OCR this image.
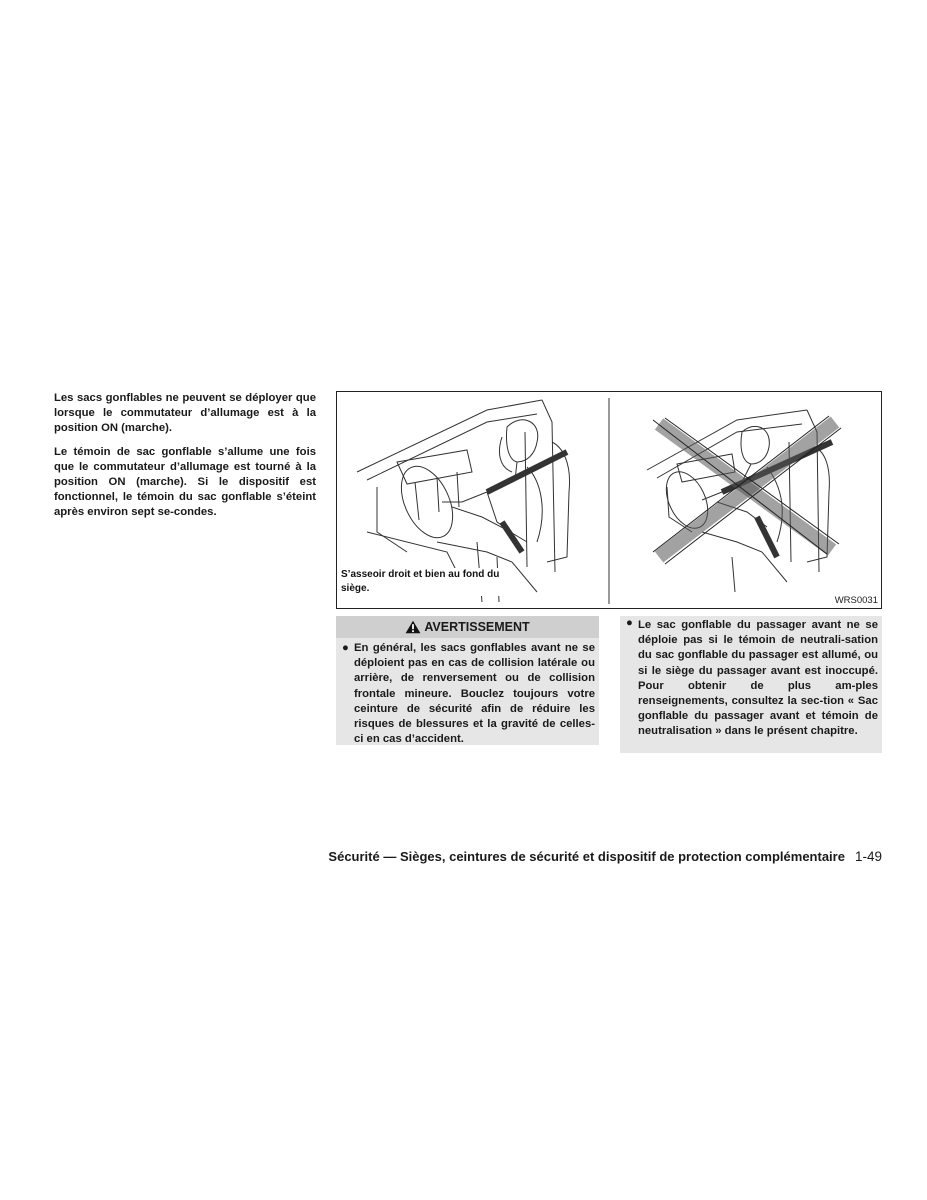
Les sacs gonflables ne peuvent se déployer que lorsque le commutateur d’allumage est à la position ON (marche).

Le témoin de sac gonflable s’allume une fois que le commutateur d’allumage est tourné à la position ON (marche). Si le dispositif est fonctionnel, le témoin du sac gonflable s’éteint après environ sept se-condes.

S’asseoir droit et bien au fond du siège.
WRS0031
AVERTISSEMENT
● En général, les sacs gonflables avant ne se déploient pas en cas de collision latérale ou arrière, de renversement ou de collision frontale mineure. Bouclez toujours votre ceinture de sécurité afin de réduire les risques de blessures et la gravité de celles-ci en cas d’accident.
● Le sac gonflable du passager avant ne se déploie pas si le témoin de neutrali-sation du sac gonflable du passager est allumé, ou si le siège du passager avant est inoccupé. Pour obtenir de plus am-ples renseignements, consultez la sec-tion « Sac gonflable du passager avant et témoin de neutralisation » dans le présent chapitre.
Sécurité — Sièges, ceintures de sécurité et dispositif de protection complémentaire 1-49
